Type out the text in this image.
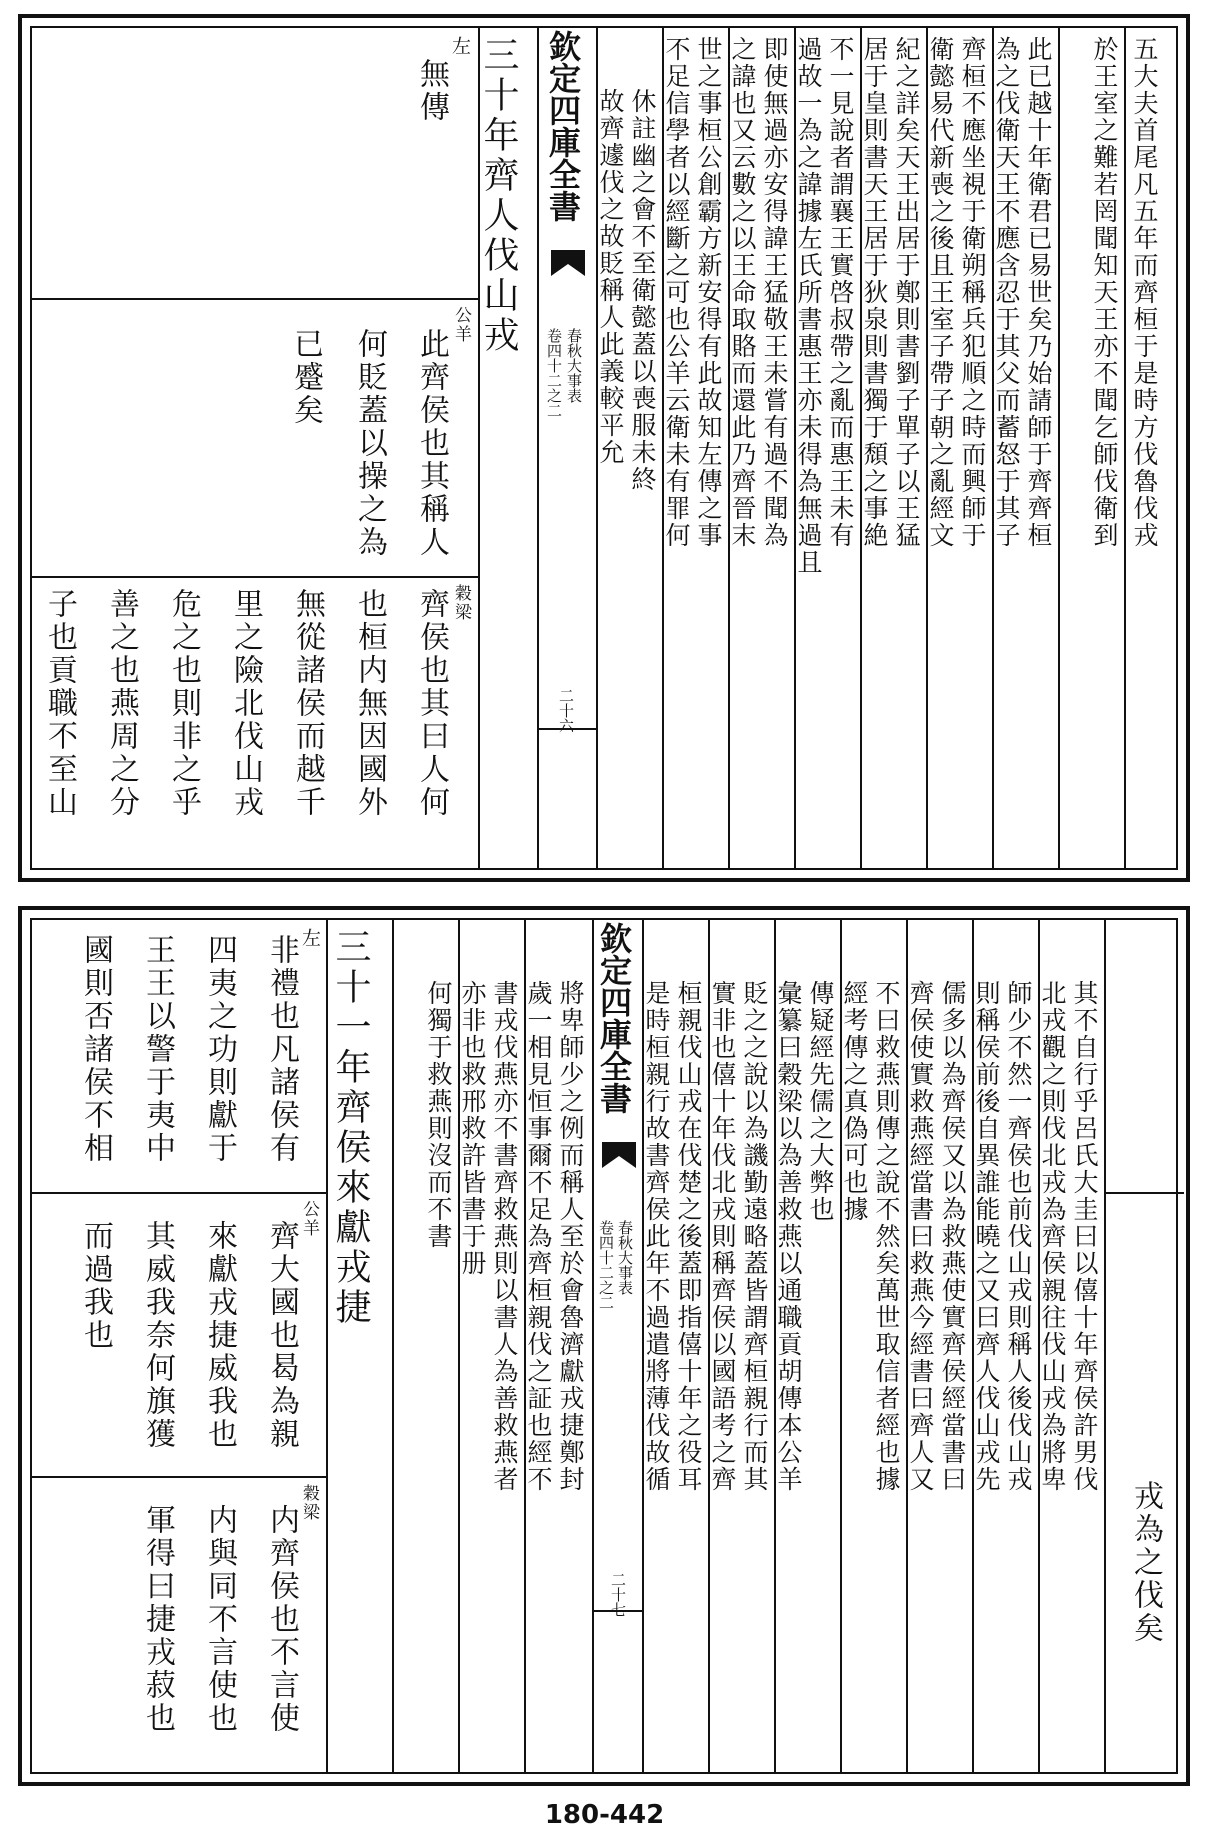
五大夫首尾凡五年而齊桓于是時方伐魯伐戎
於王室之難若罔聞知天王亦不聞乞師伐衛到
此已越十年衛君已易世矣乃始請師于齊齊桓
為之伐衛天王不應含忍于其父而蓄怒于其子
齊桓不應坐視于衛朔稱兵犯順之時而興師于
衛懿易代新喪之後且王室子帶子朝之亂經文
紀之詳矣天王出居于鄭則書劉子單子以王猛
居于皇則書天王居于狄泉則書獨于頹之事絶
不一見說者謂襄王實啓叔帶之亂而惠王未有
過故一為之諱據左氏所書惠王亦未得為無過且
即使無過亦安得諱王猛敬王未嘗有過不聞為
之諱也又云數之以王命取賂而還此乃齊晉末
世之事桓公創霸方新安得有此故知左傳之事
不足信學者以經斷之可也公羊云衛未有罪何
休註幽之會不至衛懿蓋以喪服未終
故齊遽伐之故貶稱人此義較平允
欽定四庫全書
春秋大事表
卷四十二之二
二十六
三十年齊人伐山戎
左
無傳
公羊
此齊侯也其稱人
何貶蓋以操之為
已蹙矣
穀梁
齊侯也其曰人何
也桓内無因國外
無從諸侯而越千
里之險北伐山戎
危之也則非之乎
善之也燕周之分
子也貢職不至山
戎為之伐矣
其不自行乎呂氏大圭曰以僖十年齊侯許男伐
北戎觀之則伐北戎為齊侯親往伐山戎為將卑
師少不然一齊侯也前伐山戎則稱人後伐山戎
則稱侯前後自異誰能曉之又曰齊人伐山戎先
儒多以為齊侯又以為救燕使實齊侯經當書曰
齊侯使實救燕經當書曰救燕今經書曰齊人又
不曰救燕則傳之說不然矣萬世取信者經也據
經考傳之真偽可也據
傳疑經先儒之大弊也
彙纂曰穀梁以為善救燕以通職貢胡傳本公羊
貶之之說以為譏勤遠略蓋皆謂齊桓親行而其
實非也僖十年伐北戎則稱齊侯以國語考之齊
桓親伐山戎在伐楚之後蓋即指僖十年之役耳
是時桓親行故書齊侯此年不過遣將薄伐故循
欽定四庫全書
春秋大事表
卷四十二之二
二十七
將卑師少之例而稱人至於會魯濟獻戎捷鄭封
歲一相見恒事爾不足為齊桓親伐之証也經不
書戎伐燕亦不書齊救燕則以書人為善救燕者
亦非也救邢救許皆書于册
何獨于救燕則沒而不書
三十一年齊侯來獻戎捷
左
非禮也凡諸侯有
四夷之功則獻于
王王以警于夷中
國則否諸侯不相
公羊
齊大國也曷為親
來獻戎捷威我也
其威我奈何旗獲
而過我也
穀梁
内齊侯也不言使
内與同不言使也
軍得曰捷戎菽也
180-442
